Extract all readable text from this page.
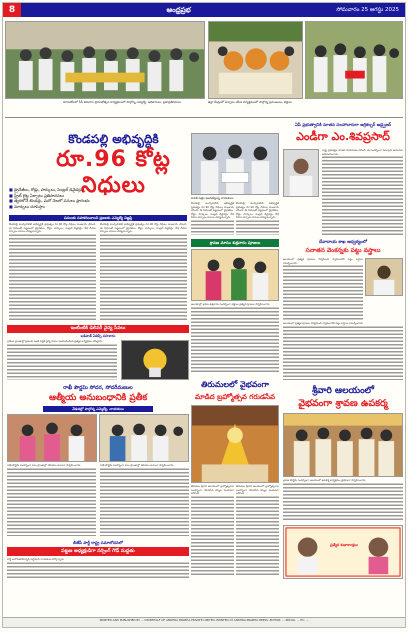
8	ఆంధ్రప్రభ	సోమవారం 25 ఆగస్టు 2025
మానుకోటలో సీసీ కెమెరాల ప్రారంభోత్సవ కార్యక్రమంలో పాల్గొన్న ఎమ్మెల్యే, అధికారులు, ప్రజాప్రతినిధులు	జిల్లా కేంద్రంలో ఏర్పాటు చేసిన కార్యక్రమంలో పాల్గొన్న ప్రముఖులు, భక్తులు
కొండపల్లి అభివృద్ధికి
రూ.96 కోట్ల నిధులు
■ డ్రైనేజీలు, రోడ్లు, పార్కులు, సెంట్రల్ డివైడర్లు,
■ స్ట్రీట్ లైట్ల ఏర్పాటు ప్రతిపాదనలు
■ త్వరలోనే టెండర్లు, మరో నెలలో పనులు ప్రారంభం
■ మార్పులు చూపిస్తాం
పనులకు సహకరించాలని ప్రజలకు ఎమ్మెల్యే విజ్ఞప్తి
కొండపల్లి మున్సిపాలిటీ అభివృద్ధికి ప్రభుత్వం రూ.96 కోట్ల నిధులు మంజూరు చేసింది. ఈ నిధులతో పట్టణంలో డ్రైనేజీలు, రోడ్లు, పార్కులు, సెంట్రల్ డివైడర్లు, వీధి దీపాల ఏర్పాటు పనులు చేపట్టనున్నారు.
కొండపల్లి మున్సిపాలిటీ అభివృద్ధికి ప్రభుత్వం రూ.96 కోట్ల నిధులు మంజూరు చేసింది. ఈ నిధులతో పట్టణంలో డ్రైనేజీలు, రోడ్లు, పార్కులు, సెంట్రల్ డివైడర్లు, వీధి దీపాల ఏర్పాటు పనులు చేపట్టనున్నారు.
వినతి పత్రం అందజేస్తున్న నాయకులు
కొండపల్లి మున్సిపాలిటీ అభివృద్ధికి ప్రభుత్వం రూ.96 కోట్ల నిధులు మంజూరు చేసింది. ఈ నిధులతో పట్టణంలో డ్రైనేజీలు, రోడ్లు, పార్కులు, సెంట్రల్ డివైడర్లు, వీధి దీపాల ఏర్పాటు పనులు చేపట్టనున్నారు.
కొండపల్లి మున్సిపాలిటీ అభివృద్ధికి ప్రభుత్వం రూ.96 కోట్ల నిధులు మంజూరు చేసింది. ఈ నిధులతో పట్టణంలో డ్రైనేజీలు, రోడ్లు, పార్కులు, సెంట్రల్ డివైడర్లు, వీధి దీపాల ఏర్పాటు పనులు చేపట్టనున్నారు.
ఏపీ ప్రభుత్వానికి నూతన సలహాదారుగా అగ్రికల్చర్ అడ్వైజర్
ఎండీగా ఎం.శివప్రసాద్
రాష్ట్ర ప్రభుత్వం నూతన నియామకం చేసింది. ఈ సందర్భంగా పలువురు ఆయనను అభినందించారు.
ఇంటింటికి డెలివరీ వైద్య సేవలు
బడిపాత్ ఏజెన్సీ సహకారం
గ్రామీణ ప్రాంతాల్లో ప్రజలకు ఇంటి వద్దకే వైద్య సేవలు అందించేందుకు ప్రత్యేక కార్యక్రమం చేపట్టారు.
రాఖీ పౌర్ణమి సోదర, సోదరీమణుల
ఆత్మీయ అనుబంధానికి ప్రతీక
వేడుకల్లో పాల్గొన్న ఎమ్మెల్యే, నాయకులు
రాఖీ పౌర్ణమి సందర్భంగా పలు ప్రాంతాల్లో వేడుకలు ఘనంగా నిర్వహించారు.	రాఖీ పౌర్ణమి సందర్భంగా పలు ప్రాంతాల్లో వేడుకలు ఘనంగా నిర్వహించారు.
బీజేపీ పార్టీ రాష్ట్ర సమాలోచనలో
పట్టణ అధ్యక్షుడిగా నర్సింగ్ గౌడ్ మద్దతు
పార్టీ బలోపేతానికి కృషి చేస్తామని నాయకులు పేర్కొన్నారు.
శ్రావణ మాసం శుక్రవారం పూజలు
ఆలయాల్లో శ్రావణ శుక్రవారం సందర్భంగా భక్తులు ప్రత్యేక పూజలు నిర్వహించారు.
తిరుమలలో వైభవంగా
మాడిద బ్రహ్మోత్సవ గరుడసేవ
తిరుమల శ్రీవారి ఆలయంలో బ్రహ్మోత్సవాల సందర్భంగా గరుడసేవ కన్నుల పండువగా జరిగింది.
తిరుమల శ్రీవారి ఆలయంలో బ్రహ్మోత్సవాల సందర్భంగా గరుడసేవ కన్నుల పండువగా జరిగింది.
దేవాదాయ శాఖ ఆధ్వర్యంలో
సనాతన వెంకన్నకు పట్టు వస్త్రాలు
ఆలయంలో ప్రత్యేక పూజలు నిర్వహించి స్వామివారికి పట్టు వస్త్రాలు సమర్పించారు.
ఆలయంలో ప్రత్యేక పూజలు నిర్వహించి స్వామివారికి పట్టు వస్త్రాలు సమర్పించారు.
శ్రీవారి ఆలయంలో
వైభవంగా శ్రావణ ఉపకర్మ
శ్రావణ పౌర్ణమి సందర్భంగా ఆలయంలో ఉపకర్మ కార్యక్రమం వైభవంగా నిర్వహించారు.
ప్రత్యేక శుభాకాంక్షలు
PRINTED AND PUBLISHED BY ... ON BEHALF OF ANDHRA PRABHA PRIVATE LIMITED. PRINTED AT ANDHRA PRABHA PRESS. EDITOR: ... RNI No. ... Ph: ...
